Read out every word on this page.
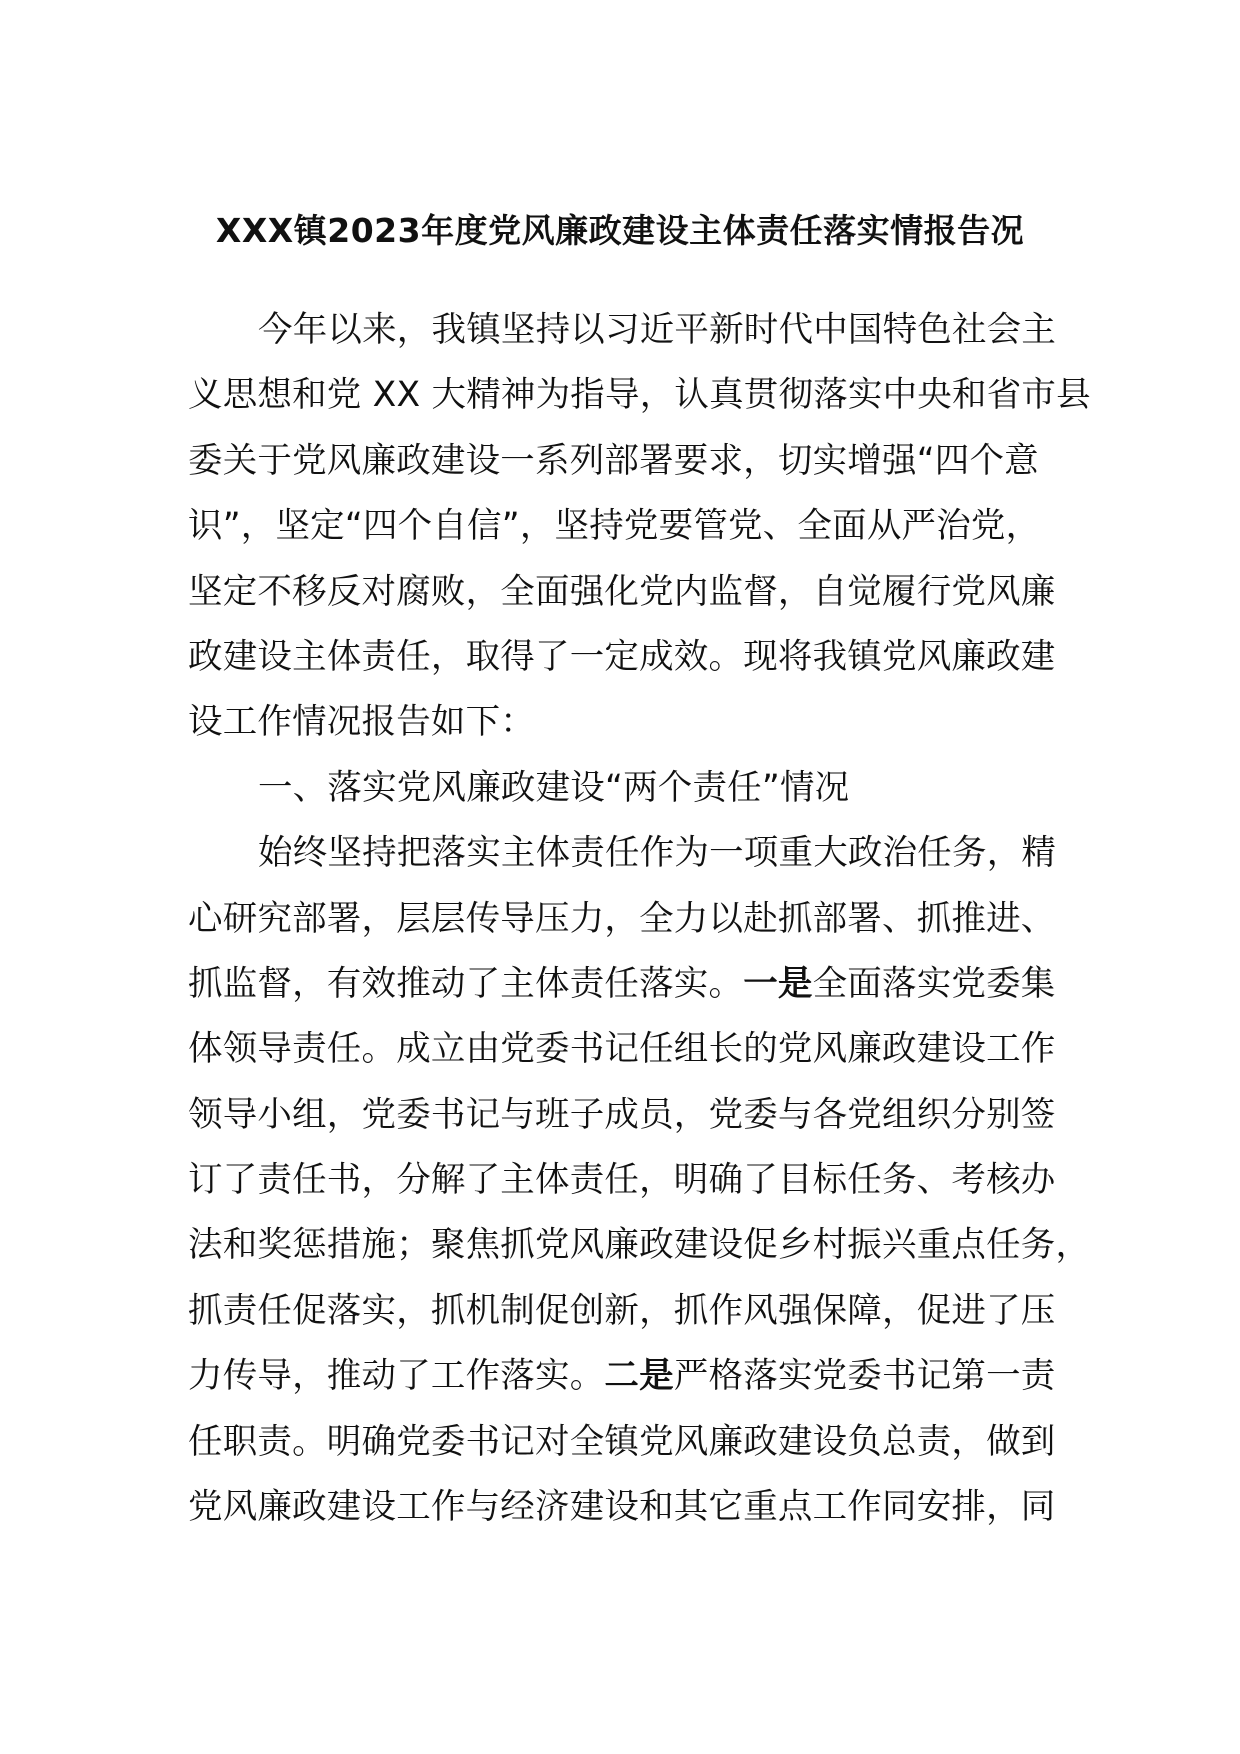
XXX镇2023年度党风廉政建设主体责任落实情报告况
今年以来，我镇坚持以习近平新时代中国特色社会主
义思想和党 XX 大精神为指导，认真贯彻落实中央和省市县
委关于党风廉政建设一系列部署要求，切实增强“四个意
识”，坚定“四个自信”，坚持党要管党、全面从严治党，
坚定不移反对腐败，全面强化党内监督，自觉履行党风廉
政建设主体责任，取得了一定成效。现将我镇党风廉政建
设工作情况报告如下：
一、落实党风廉政建设“两个责任”情况
始终坚持把落实主体责任作为一项重大政治任务，精
心研究部署，层层传导压力，全力以赴抓部署、抓推进、
抓监督，有效推动了主体责任落实。一是全面落实党委集
体领导责任。成立由党委书记任组长的党风廉政建设工作
领导小组，党委书记与班子成员，党委与各党组织分别签
订了责任书，分解了主体责任，明确了目标任务、考核办
法和奖惩措施；聚焦抓党风廉政建设促乡村振兴重点任务，
抓责任促落实，抓机制促创新，抓作风强保障，促进了压
力传导，推动了工作落实。二是严格落实党委书记第一责
任职责。明确党委书记对全镇党风廉政建设负总责，做到
党风廉政建设工作与经济建设和其它重点工作同安排，同
